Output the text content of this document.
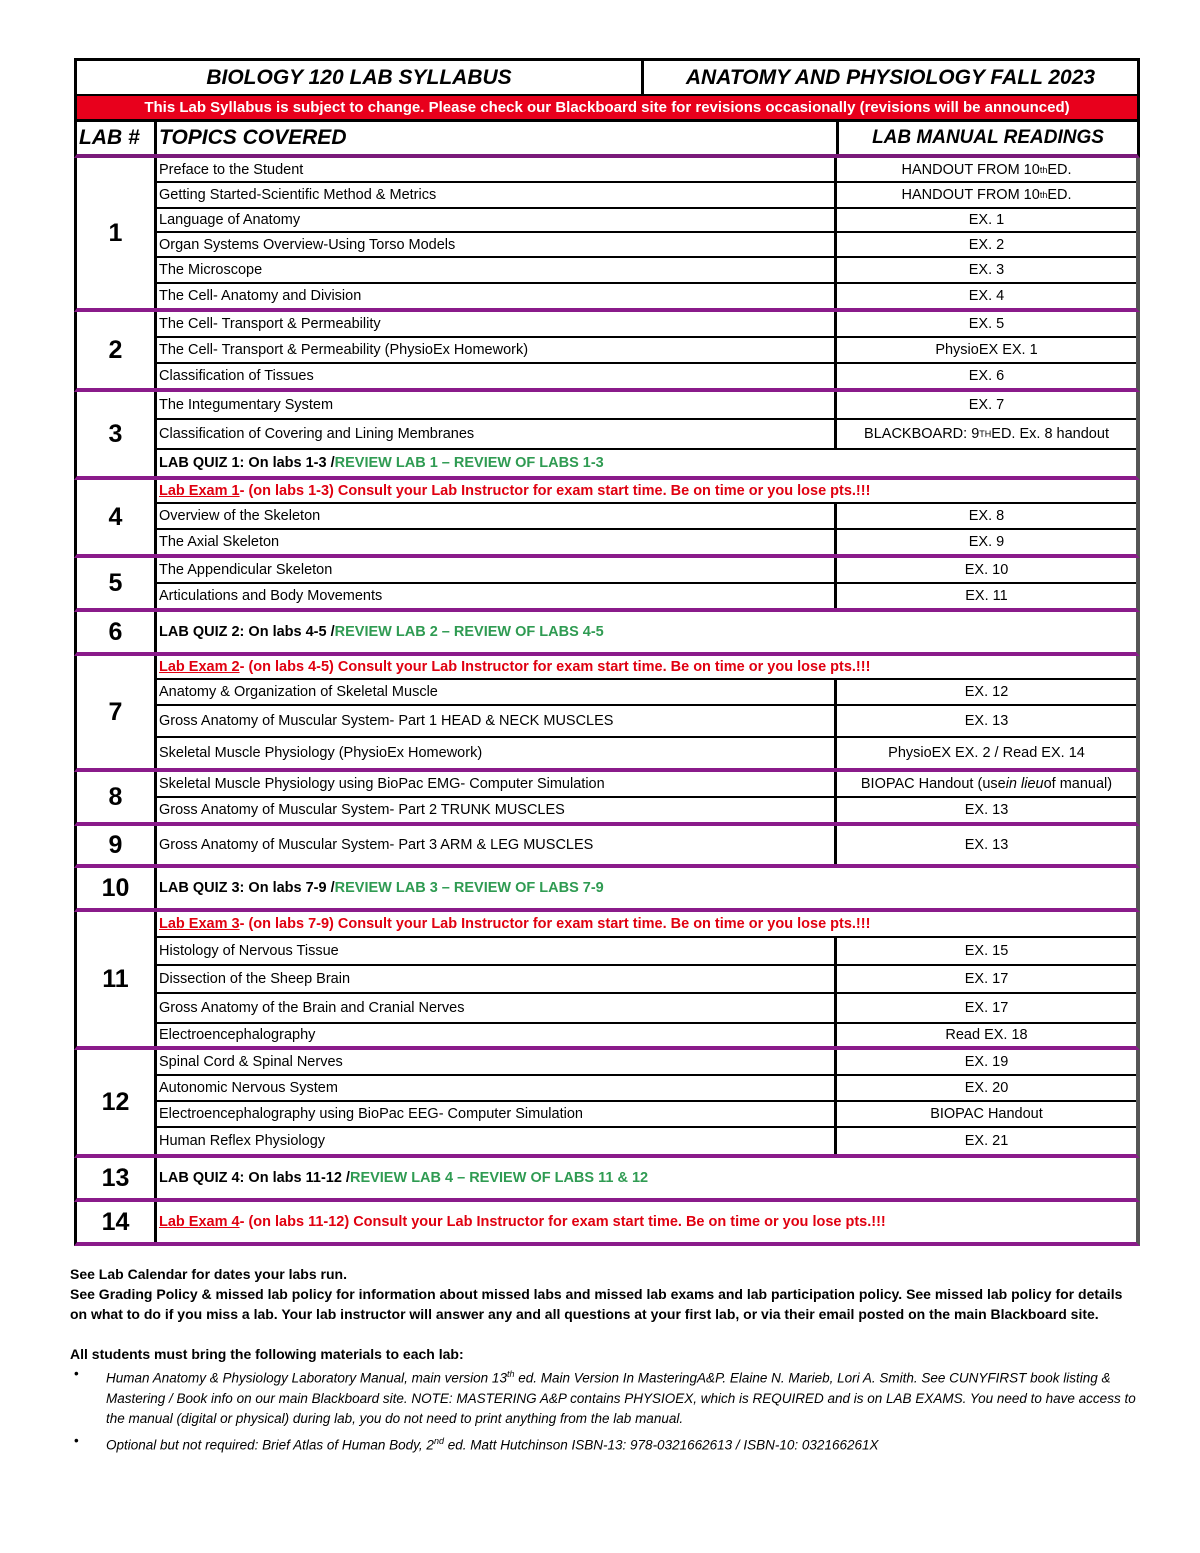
BIOLOGY 120 LAB SYLLABUS	ANATOMY AND PHYSIOLOGY FALL 2023
This Lab Syllabus is subject to change. Please check our Blackboard site for revisions occasionally (revisions will be announced)
LAB # TOPICS COVERED	LAB MANUAL READINGS
1
Preface to the Student	HANDOUT FROM 10 th ED.
Getting Started-Scientific Method & Metrics	HANDOUT FROM 10 th ED.
Language of Anatomy	EX. 1
Organ Systems Overview-Using Torso Models	EX. 2
The Microscope	EX. 3
The Cell- Anatomy and Division	EX. 4
2
The Cell- Transport & Permeability	EX. 5
The Cell- Transport & Permeability (PhysioEx Homework)	PhysioEX EX. 1
Classification of Tissues	EX. 6
3
The Integumentary System	EX. 7
Classification of Covering and Lining Membranes	BLACKBOARD: 9 TH ED. Ex. 8 handout
LAB QUIZ 1: On labs 1-3 / REVIEW LAB 1 – REVIEW OF LABS 1-3
4
Lab Exam 1 - (on labs 1-3) Consult your Lab Instructor for exam start time. Be on time or you lose pts.!!!
Overview of the Skeleton	EX. 8
The Axial Skeleton	EX. 9
5	The Appendicular Skeleton	EX. 10
Articulations and Body Movements	EX. 11
6	LAB QUIZ 2: On labs 4-5 / REVIEW LAB 2 – REVIEW OF LABS 4-5
7
Lab Exam 2 - (on labs 4-5) Consult your Lab Instructor for exam start time. Be on time or you lose pts.!!!
Anatomy & Organization of Skeletal Muscle	EX. 12
Gross Anatomy of Muscular System- Part 1 HEAD & NECK MUSCLES	EX. 13
Skeletal Muscle Physiology (PhysioEx Homework)	PhysioEX EX. 2 / Read EX. 14
8	Skeletal Muscle Physiology using BioPac EMG- Computer Simulation	BIOPAC Handout (use in lieu of manual)
Gross Anatomy of Muscular System- Part 2 TRUNK MUSCLES	EX. 13
9	Gross Anatomy of Muscular System- Part 3 ARM & LEG MUSCLES	EX. 13
10	LAB QUIZ 3: On labs 7-9 / REVIEW LAB 3 – REVIEW OF LABS 7-9
11
Lab Exam 3 - (on labs 7-9) Consult your Lab Instructor for exam start time. Be on time or you lose pts.!!!
Histology of Nervous Tissue	EX. 15
Dissection of the Sheep Brain	EX. 17
Gross Anatomy of the Brain and Cranial Nerves	EX. 17
Electroencephalography	Read EX. 18
12
Spinal Cord & Spinal Nerves	EX. 19
Autonomic Nervous System	EX. 20
Electroencephalography using BioPac EEG- Computer Simulation	BIOPAC Handout
Human Reflex Physiology	EX. 21
13	LAB QUIZ 4: On labs 11-12 / REVIEW LAB 4 – REVIEW OF LABS 11 & 12
14	Lab Exam 4 - (on labs 11-12) Consult your Lab Instructor for exam start time. Be on time or you lose pts.!!!

See Lab Calendar for dates your labs run.

See Grading Policy & missed lab policy for information about missed labs and missed lab exams and lab participation policy. See missed lab policy for details on what to do if you miss a lab. Your lab instructor will answer any and all questions at your first lab, or via their email posted on the main Blackboard site.

All students must bring the following materials to each lab:

• Human Anatomy & Physiology Laboratory Manual, main version 13th ed. Main Version In MasteringA&P. Elaine N. Marieb, Lori A. Smith. See CUNYFIRST book listing & Mastering / Book info on our main Blackboard site. NOTE: MASTERING A&P contains PHYSIOEX, which is REQUIRED and is on LAB EXAMS. You need to have access to the manual (digital or physical) during lab, you do not need to print anything from the lab manual.
• Optional but not required: Brief Atlas of Human Body, 2nd ed. Matt Hutchinson ISBN-13: 978-0321662613 / ISBN-10: 032166261X
